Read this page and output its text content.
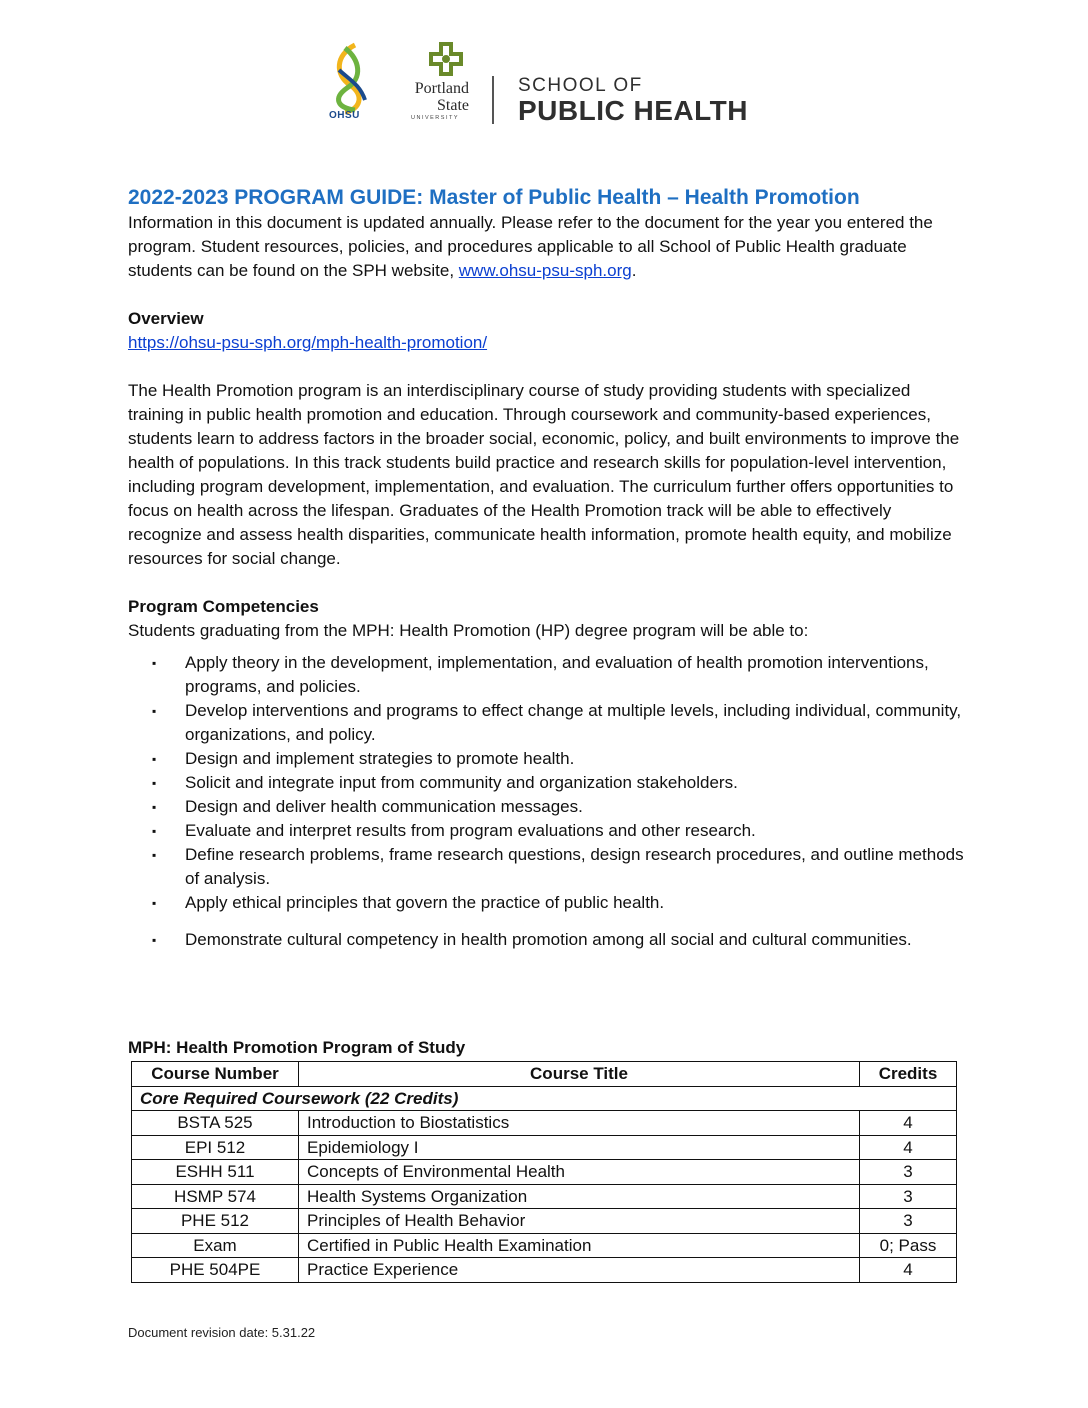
OHSU
Portland
State
UNIVERSITY
SCHOOL OF
PUBLIC HEALTH
2022-2023 PROGRAM GUIDE: Master of Public Health – Health Promotion

Information in this document is updated annually. Please refer to the document for the year you entered the program. Student resources, policies, and procedures applicable to all School of Public Health graduate students can be found on the SPH website, www.ohsu-psu-sph.org.

Overview

https://ohsu-psu-sph.org/mph-health-promotion/

The Health Promotion program is an interdisciplinary course of study providing students with specialized training in public health promotion and education. Through coursework and community-based experiences, students learn to address factors in the broader social, economic, policy, and built environments to improve the health of populations. In this track students build practice and research skills for population-level intervention, including program development, implementation, and evaluation. The curriculum further offers opportunities to focus on health across the lifespan. Graduates of the Health Promotion track will be able to effectively recognize and assess health disparities, communicate health information, promote health equity, and mobilize resources for social change.

Program Competencies

Students graduating from the MPH: Health Promotion (HP) degree program will be able to:

▪ Apply theory in the development, implementation, and evaluation of health promotion interventions, programs, and policies.
▪ Develop interventions and programs to effect change at multiple levels, including individual, community, organizations, and policy.
▪ Design and implement strategies to promote health.
▪ Solicit and integrate input from community and organization stakeholders.
▪ Design and deliver health communication messages.
▪ Evaluate and interpret results from program evaluations and other research.
▪ Define research problems, frame research questions, design research procedures, and outline methods of analysis.
▪ Apply ethical principles that govern the practice of public health.
▪ Demonstrate cultural competency in health promotion among all social and cultural communities.
MPH: Health Promotion Program of Study
Course Number	Course Title	Credits
Core Required Coursework (22 Credits)		
BSTA 525	Introduction to Biostatistics	4
EPI 512	Epidemiology I	4
ESHH 511	Concepts of Environmental Health	3
HSMP 574	Health Systems Organization	3
PHE 512	Principles of Health Behavior	3
Exam	Certified in Public Health Examination	0; Pass
PHE 504PE	Practice Experience	4
Document revision date: 5.31.22
